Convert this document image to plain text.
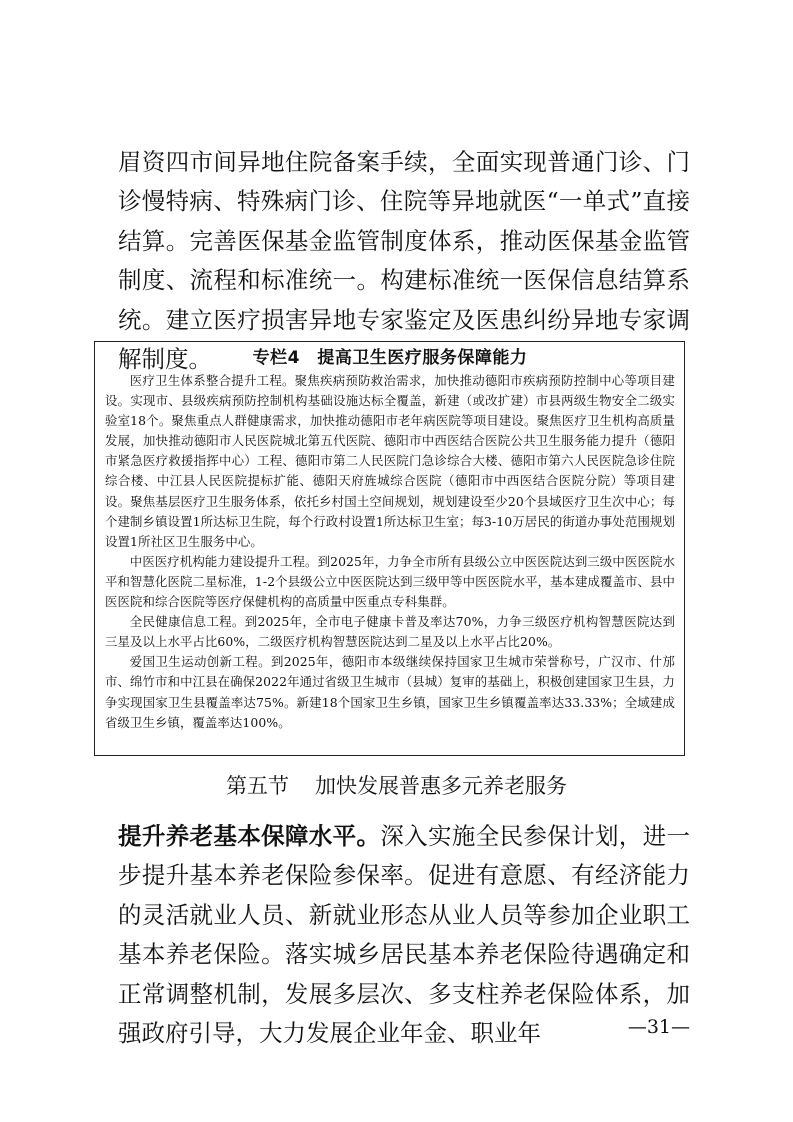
眉资四市间异地住院备案手续，全面实现普通门诊、门诊慢特病、特殊病门诊、住院等异地就医“一单式”直接结算。完善医保基金监管制度体系，推动医保基金监管制度、流程和标准统一。构建标准统一医保信息结算系统。建立医疗损害异地专家鉴定及医患纠纷异地专家调解制度。	专栏4　提高卫生医疗服务保障能力

医疗卫生体系整合提升工程。聚焦疾病预防救治需求，加快推动德阳市疾病预防控制中心等项目建设。实现市、县级疾病预防控制机构基础设施达标全覆盖，新建（或改扩建）市县两级生物安全二级实验室18个。聚焦重点人群健康需求，加快推动德阳市老年病医院等项目建设。聚焦医疗卫生机构高质量发展，加快推动德阳市人民医院城北第五代医院、德阳市中西医结合医院公共卫生服务能力提升（德阳市紧急医疗救援指挥中心）工程、德阳市第二人民医院门急诊综合大楼、德阳市第六人民医院急诊住院综合楼、中江县人民医院提标扩能、德阳天府旌城综合医院（德阳市中西医结合医院分院）等项目建设。聚焦基层医疗卫生服务体系，依托乡村国土空间规划，规划建设至少20个县域医疗卫生次中心；每个建制乡镇设置1所达标卫生院，每个行政村设置1所达标卫生室；每3-10万居民的街道办事处范围规划设置1所社区卫生服务中心。

中医医疗机构能力建设提升工程。到2025年，力争全市所有县级公立中医医院达到三级中医医院水平和智慧化医院二星标准，1-2个县级公立中医医院达到三级甲等中医医院水平，基本建成覆盖市、县中医医院和综合医院等医疗保健机构的高质量中医重点专科集群。

全民健康信息工程。到2025年，全市电子健康卡普及率达70%，力争三级医疗机构智慧医院达到三星及以上水平占比60%，二级医疗机构智慧医院达到二星及以上水平占比20%。

爱国卫生运动创新工程。到2025年，德阳市本级继续保持国家卫生城市荣誉称号，广汉市、什邡市、绵竹市和中江县在确保2022年通过省级卫生城市（县城）复审的基础上，积极创建国家卫生县，力争实现国家卫生县覆盖率达75%。新建18个国家卫生乡镇，国家卫生乡镇覆盖率达33.33%；全域建成省级卫生乡镇，覆盖率达100%。

第五节 加快发展普惠多元养老服务

提升养老基本保障水平。深入实施全民参保计划，进一步提升基本养老保险参保率。促进有意愿、有经济能力的灵活就业人员、新就业形态从业人员等参加企业职工基本养老保险。落实城乡居民基本养老保险待遇确定和正常调整机制，发展多层次、多支柱养老保险体系，加强政府引导，大力发展企业年金、职业年	—31—
